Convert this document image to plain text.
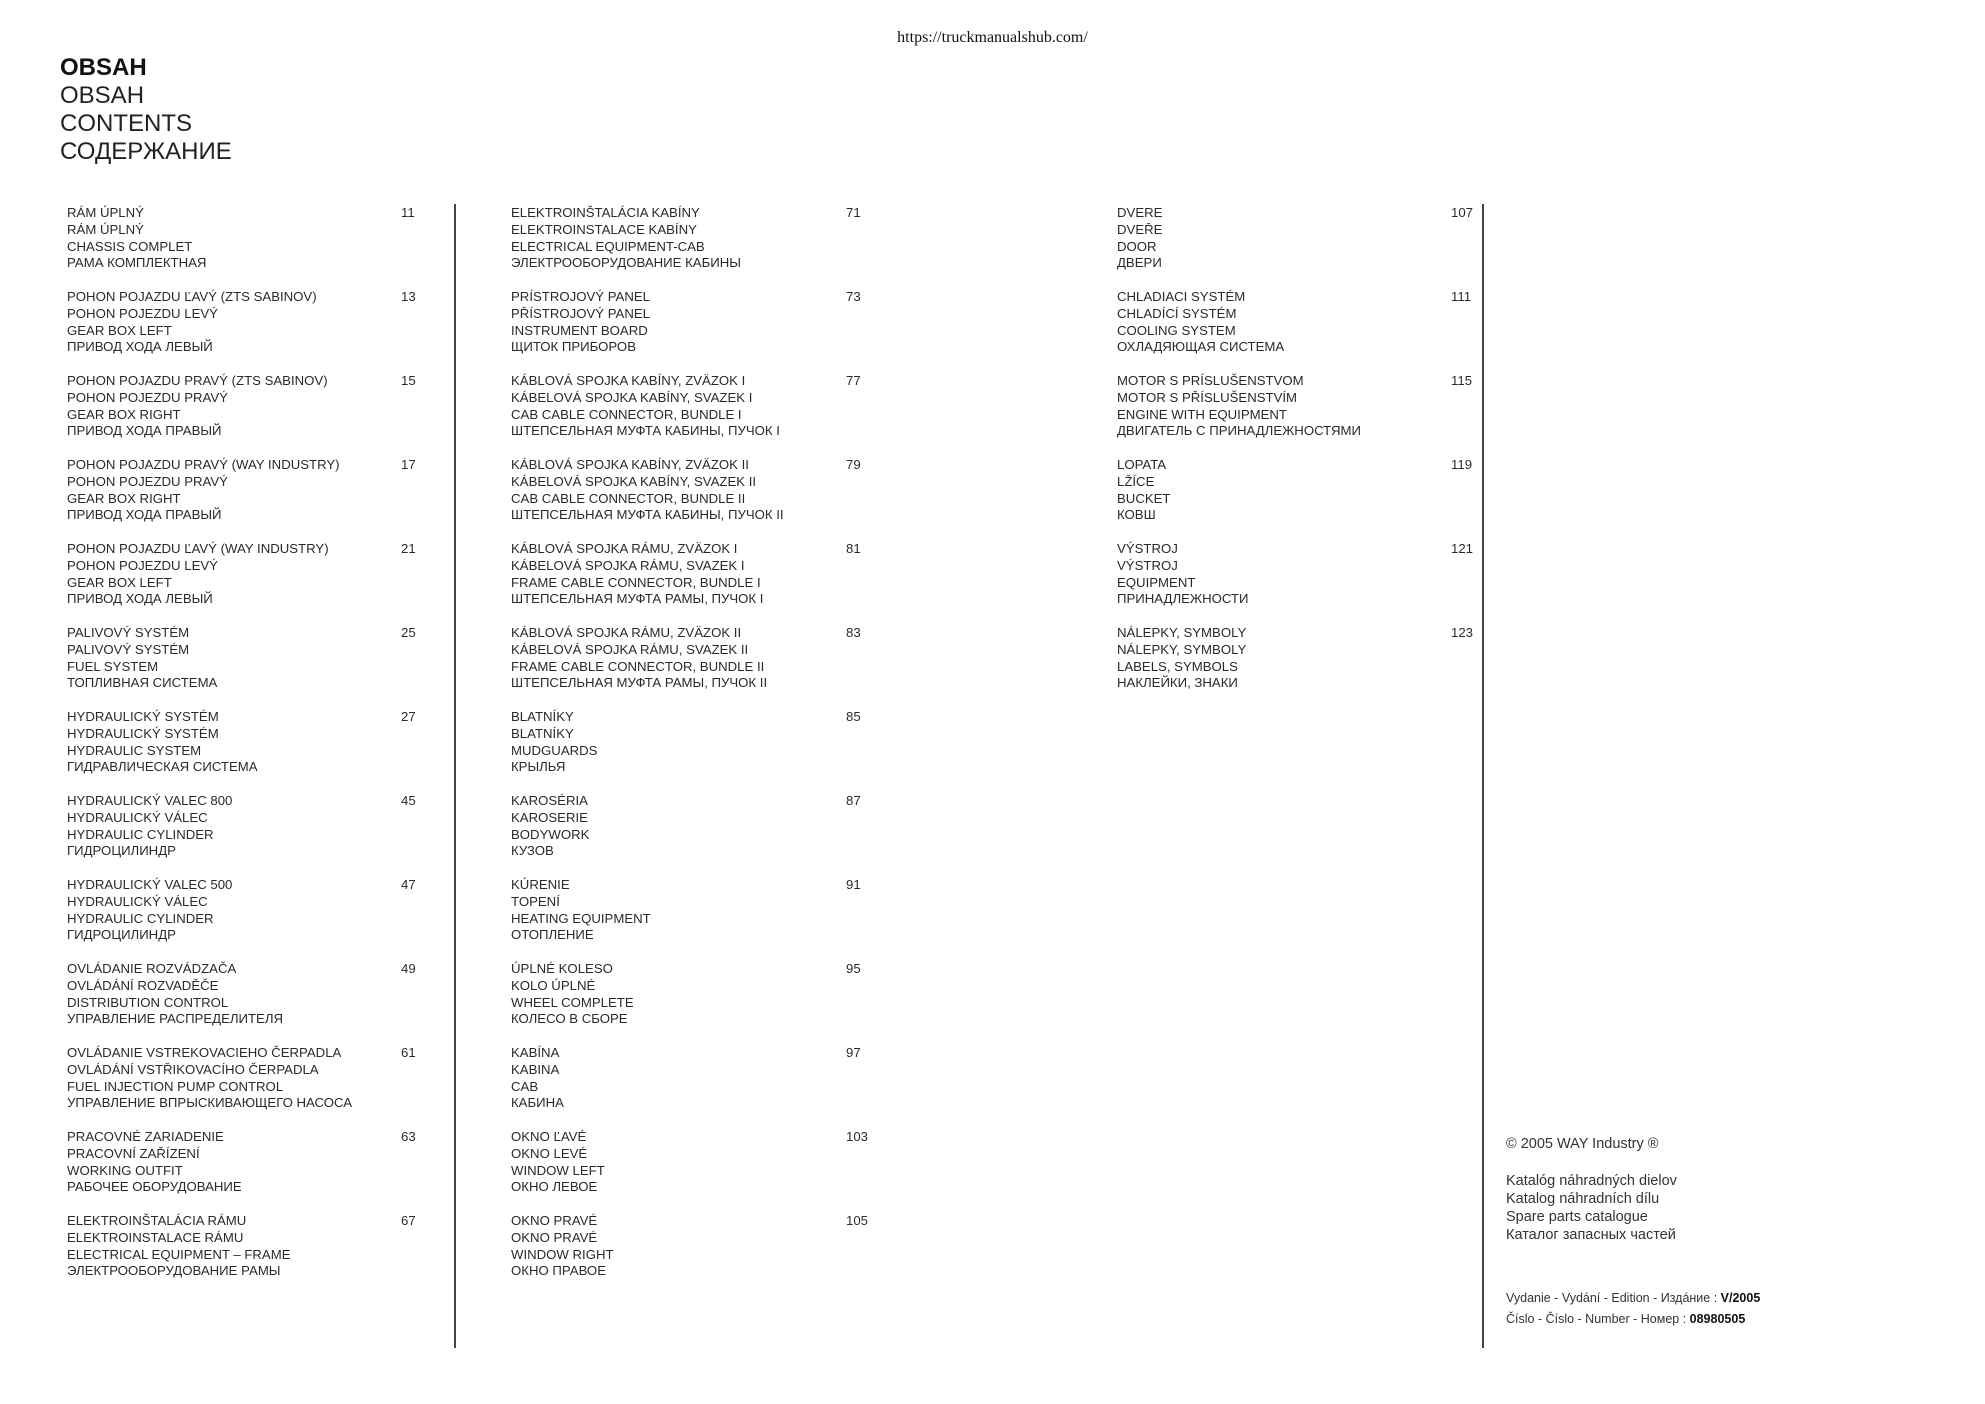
https://truckmanualshub.com/
OBSAH
OBSAH
CONTENTS
СОДЕРЖАНИЕ
RÁM ÚPLNÝ
RÁM ÚPLNÝ
CHASSIS COMPLET
РАМА КОМПЛЕКТНАЯ
11
POHON POJAZDU ĽAVÝ (ZTS SABINOV)
POHON POJEZDU LEVÝ
GEAR BOX LEFT
ПРИВОД ХОДА ЛЕВЫЙ
13
POHON POJAZDU PRAVÝ (ZTS SABINOV)
POHON POJEZDU PRAVÝ
GEAR BOX RIGHT
ПРИВОД ХОДА ПРАВЫЙ
15
POHON POJAZDU PRAVÝ (WAY INDUSTRY)
POHON POJEZDU PRAVÝ
GEAR BOX RIGHT
ПРИВОД ХОДА ПРАВЫЙ
17
POHON POJAZDU ĽAVÝ (WAY INDUSTRY)
POHON POJEZDU LEVÝ
GEAR BOX LEFT
ПРИВОД ХОДА ЛЕВЫЙ
21
PALIVOVÝ SYSTÉM
PALIVOVÝ SYSTÉM
FUEL SYSTEM
ТОПЛИВНАЯ СИСТЕМА
25
HYDRAULICKÝ SYSTÉM
HYDRAULICKÝ SYSTÉM
HYDRAULIC SYSTEM
ГИДРАВЛИЧЕСКАЯ СИСТЕМА
27
HYDRAULICKÝ VALEC 800
HYDRAULICKÝ VÁLEC
HYDRAULIC CYLINDER
ГИДРОЦИЛИНДР
45
HYDRAULICKÝ VALEC 500
HYDRAULICKÝ VÁLEC
HYDRAULIC CYLINDER
ГИДРОЦИЛИНДР
47
OVLÁDANIE ROZVÁDZAČA
OVLÁDÁNÍ ROZVADĚČE
DISTRIBUTION CONTROL
УПРАВЛЕНИЕ РАСПРЕДЕЛИТЕЛЯ
49
OVLÁDANIE VSTREKOVACIEHO ČERPADLA
OVLÁDÁNÍ VSTŘIKOVACÍHO ČERPADLA
FUEL INJECTION PUMP CONTROL
УПРАВЛЕНИЕ ВПРЫСКИВАЮЩЕГО НАСОСА
61
PRACOVNÉ ZARIADENIE
PRACOVNÍ ZAŘÍZENÍ
WORKING OUTFIT
РАБОЧЕЕ ОБОРУДОВАНИЕ
63
ELEKTROINŠTALÁCIA RÁMU
ELEKTROINSTALACE RÁMU
ELECTRICAL EQUIPMENT – FRAME
ЭЛЕКТРООБОРУДОВАНИЕ РАМЫ
67
ELEKTROINŠTALÁCIA KABÍNY
ELEKTROINSTALACE KABÍNY
ELECTRICAL EQUIPMENT-CAB
ЭЛЕКТРООБОРУДОВАНИЕ КАБИНЫ
71
PRÍSTROJOVÝ PANEL
PŘÍSTROJOVÝ PANEL
INSTRUMENT BOARD
ЩИТОК ПРИБОРОВ
73
KÁBLOVÁ SPOJKA KABÍNY, ZVÄZOK I
KÁBELOVÁ SPOJKA KABÍNY, SVAZEK I
CAB CABLE CONNECTOR, BUNDLE I
ШТЕПСЕЛЬНАЯ МУФТА КАБИНЫ, ПУЧОК I
77
KÁBLOVÁ SPOJKA KABÍNY, ZVÄZOK II
KÁBELOVÁ SPOJKA KABÍNY, SVAZEK II
CAB CABLE CONNECTOR, BUNDLE II
ШТЕПСЕЛЬНАЯ МУФТА КАБИНЫ, ПУЧОК II
79
KÁBLOVÁ SPOJKA RÁMU, ZVÄZOK I
KÁBELOVÁ SPOJKA RÁMU, SVAZEK I
FRAME CABLE CONNECTOR, BUNDLE I
ШТЕПСЕЛЬНАЯ МУФТА РАМЫ, ПУЧОК I
81
KÁBLOVÁ SPOJKA RÁMU, ZVÄZOK II
KÁBELOVÁ SPOJKA RÁMU, SVAZEK II
FRAME CABLE CONNECTOR, BUNDLE II
ШТЕПСЕЛЬНАЯ МУФТА РАМЫ, ПУЧОК II
83
BLATNÍKY
BLATNÍKY
MUDGUARDS
КРЫЛЬЯ
85
KAROSÉRIA
KAROSERIE
BODYWORK
КУЗОВ
87
KÚRENIE
TOPENÍ
HEATING EQUIPMENT
ОТОПЛЕНИЕ
91
ÚPLNÉ KOLESO
KOLO ÚPLNÉ
WHEEL COMPLETE
КОЛЕСО В СБОРЕ
95
KABÍNA
KABINA
CAB
КАБИНА
97
OKNO ĽAVÉ
OKNO LEVÉ
WINDOW LEFT
ОКНО ЛЕВОЕ
103
OKNO PRAVÉ
OKNO PRAVÉ
WINDOW RIGHT
ОКНО ПРАВОЕ
105
DVERE
DVEŘE
DOOR
ДВЕРИ
107
CHLADIACI SYSTÉM
CHLADÍCÍ SYSTÉM
COOLING SYSTEM
ОХЛАДЯЮЩАЯ СИСТЕМА
111
MOTOR S PRÍSLUŠENSTVOM
MOTOR S PŘÍSLUŠENSTVÍM
ENGINE WITH EQUIPMENT
ДВИГАТЕЛЬ С ПРИНАДЛЕЖНОСТЯМИ
115
LOPATA
LŽÍCE
BUCKET
КОВШ
119
VÝSTROJ
VÝSTROJ
EQUIPMENT
ПРИНАДЛЕЖНОСТИ
121
NÁLEPKY, SYMBOLY
NÁLEPKY, SYMBOLY
LABELS, SYMBOLS
НАКЛЕЙКИ, ЗНАКИ
123
© 2005 WAY Industry ®
Katalóg náhradných dielov
Katalog náhradních dílu
Spare parts catalogue
Каталог запасных частей
Vydanie - Vydání - Edition - Издáние : V/2005
Číslo - Číslo - Number - Номер : 08980505
